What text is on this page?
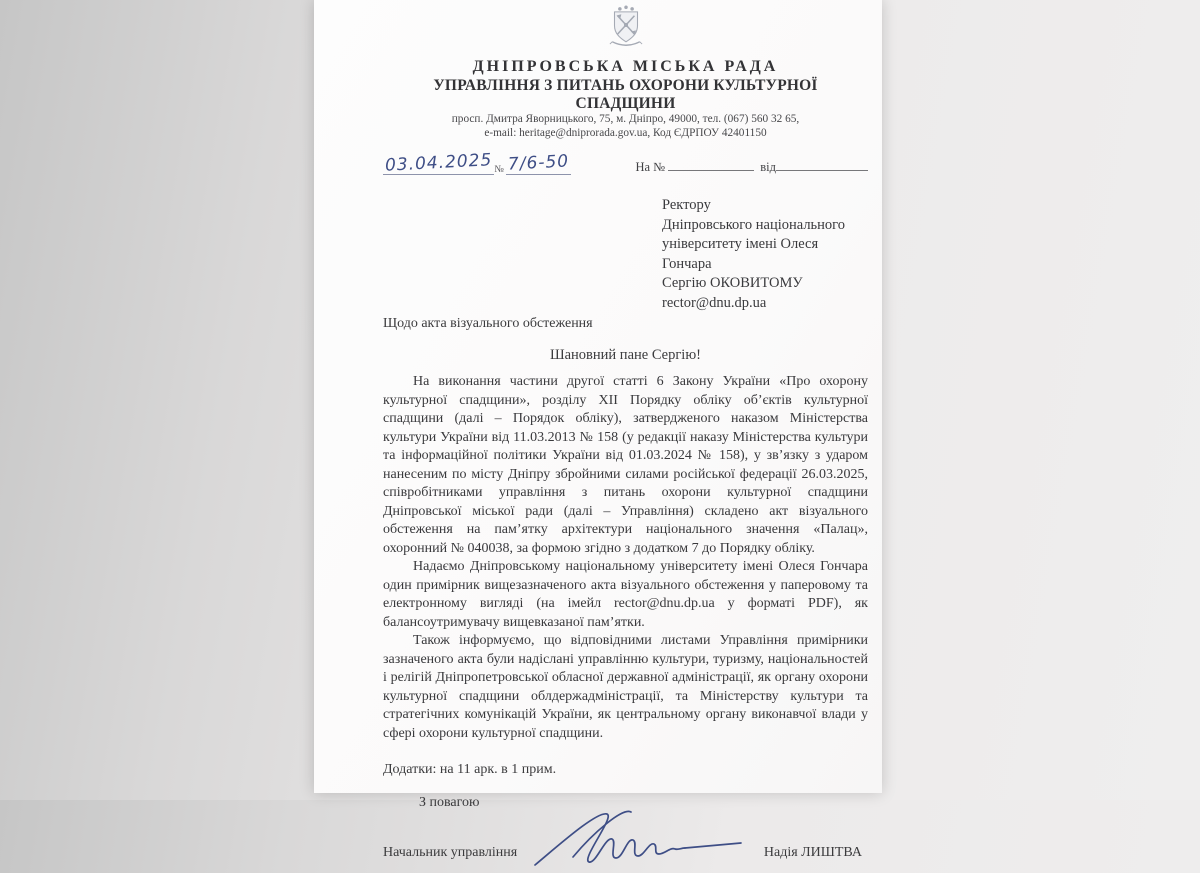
ДНІПРОВСЬКА МІСЬКА РАДА
УПРАВЛІННЯ З ПИТАНЬ ОХОРОНИ КУЛЬТУРНОЇ СПАДЩИНИ
просп. Дмитра Яворницького, 75, м. Дніпро, 49000, тел. (067) 560 32 65,
e-mail: heritage@dniprorada.gov.ua, Код ЄДРПОУ 42401150
03.04.2025 № 7/6-50	На №	від
Ректору
Дніпровського національного
університету імені Олеся Гончара
Сергію ОКОВИТОМУ
rector@dnu.dp.ua
Щодо акта візуального обстеження
Шановний пане Сергію!

На виконання частини другої статті 6 Закону України «Про охорону культурної спадщини», розділу XII Порядку обліку об’єктів культурної спадщини (далі – Порядок обліку), затвердженого наказом Міністерства культури України від 11.03.2013 № 158 (у редакції наказу Міністерства культури та інформаційної політики України від 01.03.2024 № 158), у зв’язку з ударом нанесеним по місту Дніпру збройними силами російської федерації 26.03.2025, співробітниками управління з питань охорони культурної спадщини Дніпровської міської ради (далі – Управління) складено акт візуального обстеження на пам’ятку архітектури національного значення «Палац», охоронний № 040038, за формою згідно з додатком 7 до Порядку обліку.

Надаємо Дніпровському національному університету імені Олеся Гончара один примірник вищезазначеного акта візуального обстеження у паперовому та електронному вигляді (на імейл rector@dnu.dp.ua у форматі PDF), як балансоутримувачу вищевказаної пам’ятки.

Також інформуємо, що відповідними листами Управління примірники зазначеного акта були надіслані управлінню культури, туризму, національностей і релігій Дніпропетровської обласної державної адміністрації, як органу охорони культурної спадщини облдержадміністрації, та Міністерству культури та стратегічних комунікацій України, як центральному органу виконавчої влади у сфері охорони культурної спадщини.

Додатки: на 11 арк. в 1 прим.
З повагою
Начальник управління	Надія ЛИШТВА
